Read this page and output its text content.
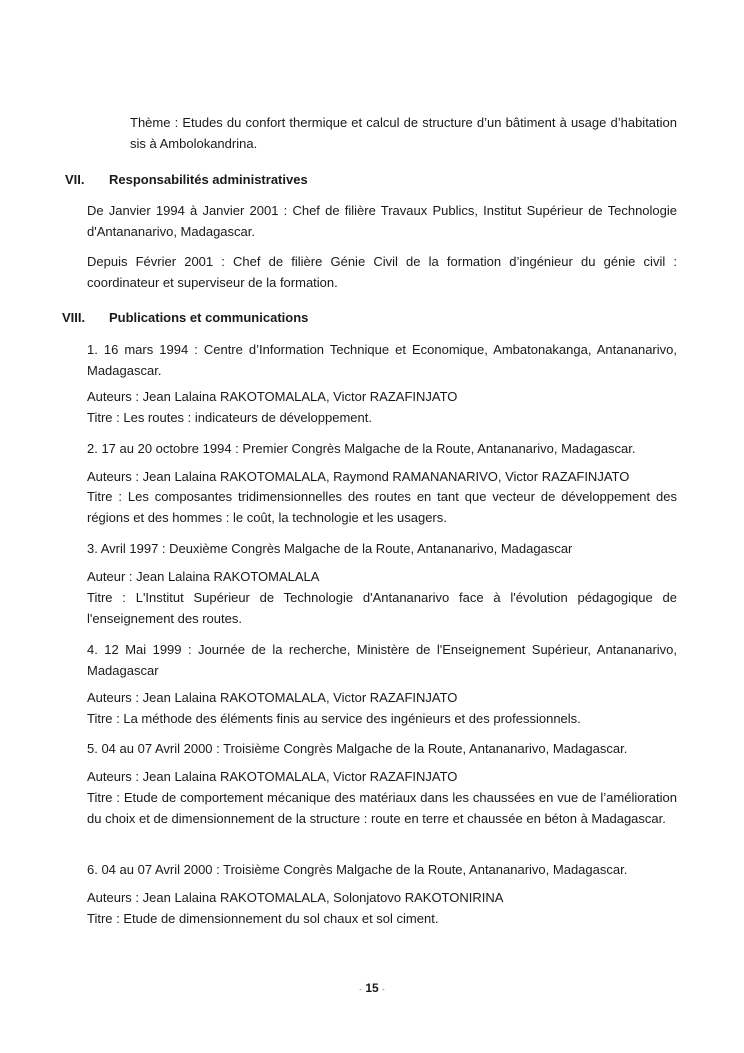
Thème : Etudes du confort thermique et calcul de structure d’un bâtiment à usage d’habitation sis à Ambolokandrina.

VII. Responsabilités administratives

De Janvier 1994 à Janvier 2001 : Chef de filière Travaux Publics, Institut Supérieur de Technologie d'Antananarivo, Madagascar.

Depuis Février 2001 : Chef de filière Génie Civil de la formation d’ingénieur du génie civil : coordinateur et superviseur de la formation.

VIII. Publications et communications

1. 16 mars 1994 : Centre d’Information Technique et Economique, Ambatonakanga, Antananarivo, Madagascar.

Auteurs : Jean Lalaina RAKOTOMALALA, Victor RAZAFINJATO
Titre : Les routes : indicateurs de développement.

2. 17 au 20 octobre 1994 : Premier Congrès Malgache de la Route, Antananarivo, Madagascar.

Auteurs : Jean Lalaina RAKOTOMALALA, Raymond RAMANANARIVO, Victor RAZAFINJATO

Titre : Les composantes tridimensionnelles des routes en tant que vecteur de développement des régions et des hommes : le coût, la technologie et les usagers.

3. Avril 1997 : Deuxième Congrès Malgache de la Route, Antananarivo, Madagascar

Auteur : Jean Lalaina RAKOTOMALALA

Titre : L'Institut Supérieur de Technologie d'Antananarivo face à l'évolution pédagogique de l'enseignement des routes.

4. 12 Mai 1999 : Journée de la recherche, Ministère de l'Enseignement Supérieur, Antananarivo, Madagascar

Auteurs : Jean Lalaina RAKOTOMALALA, Victor RAZAFINJATO
Titre : La méthode des éléments finis au service des ingénieurs et des professionnels.

5. 04 au 07 Avril 2000 : Troisième Congrès Malgache de la Route, Antananarivo, Madagascar.

Auteurs : Jean Lalaina RAKOTOMALALA, Victor RAZAFINJATO

Titre : Etude de comportement mécanique des matériaux dans les chaussées en vue de l’amélioration du choix et de dimensionnement de la structure : route en terre et chaussée en béton à Madagascar.

6. 04 au 07 Avril 2000 : Troisième Congrès Malgache de la Route, Antananarivo, Madagascar.

Auteurs : Jean Lalaina RAKOTOMALALA, Solonjatovo RAKOTONIRINA
Titre : Etude de dimensionnement du sol chaux et sol ciment.
- 15 -
